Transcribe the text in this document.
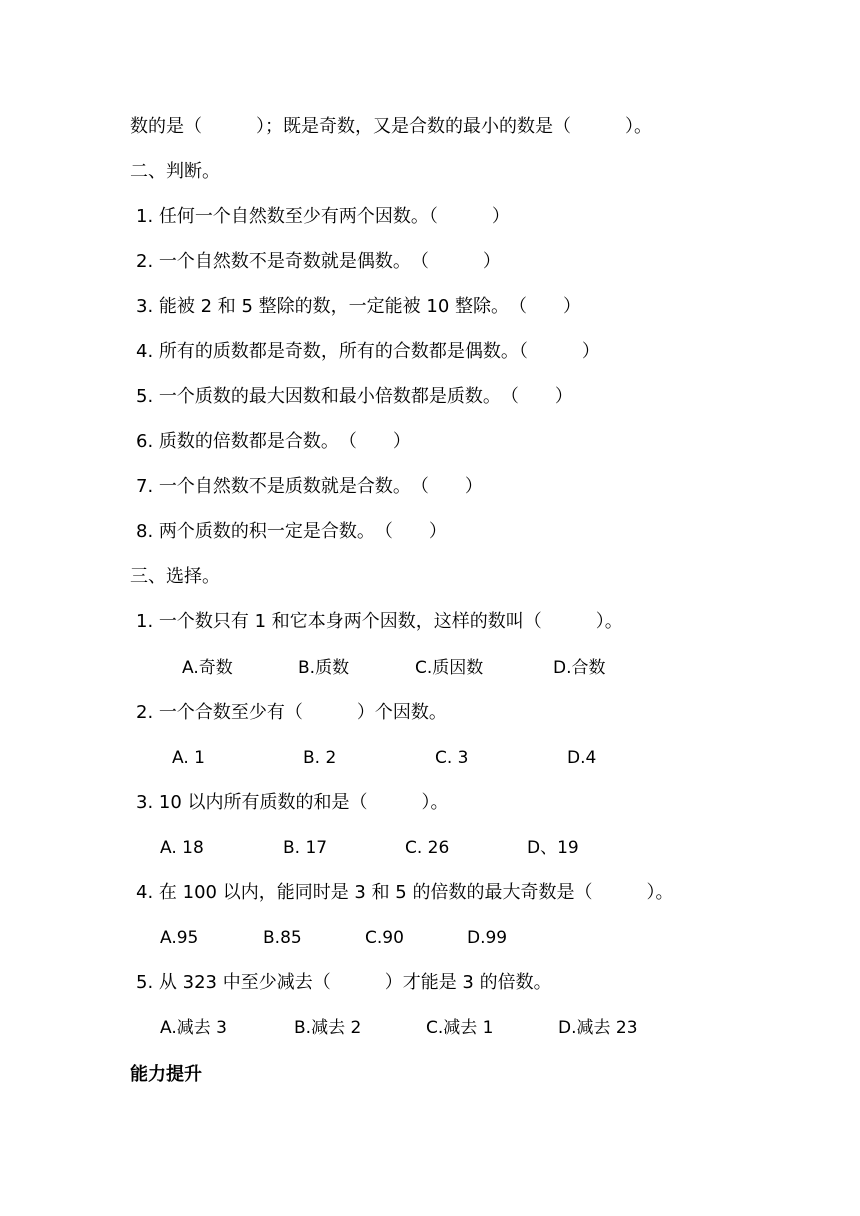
数的是（　　　）；既是奇数，又是合数的最小的数是（　　　）。
二、判断。
1. 任何一个自然数至少有两个因数。（　　　）
2. 一个自然数不是奇数就是偶数。　（　　　）
3. 能被 2 和 5 整除的数，一定能被 10 整除。　（　　）
4. 所有的质数都是奇数，所有的合数都是偶数。（　　　）
5. 一个质数的最大因数和最小倍数都是质数。　（　　）
6. 质数的倍数都是合数。　（　　）
7. 一个自然数不是质数就是合数。　（　　）
8. 两个质数的积一定是合数。　（　　）
三、选择。
1. 一个数只有 1 和它本身两个因数，这样的数叫（　　　）。
A.奇数	B.质数	C.质因数	D.合数
2. 一个合数至少有（　　　）个因数。
A. 1	B. 2	C. 3	D.4
3. 10 以内所有质数的和是（　　　）。
A. 18	B. 17	C. 26	D、19
4. 在 100 以内，能同时是 3 和 5 的倍数的最大奇数是（　　　）。
A.95	B.85	C.90	D.99
5. 从 323 中至少减去（　　　）才能是 3 的倍数。
A.减去 3	B.减去 2	C.减去 1	D.减去 23
能力提升
